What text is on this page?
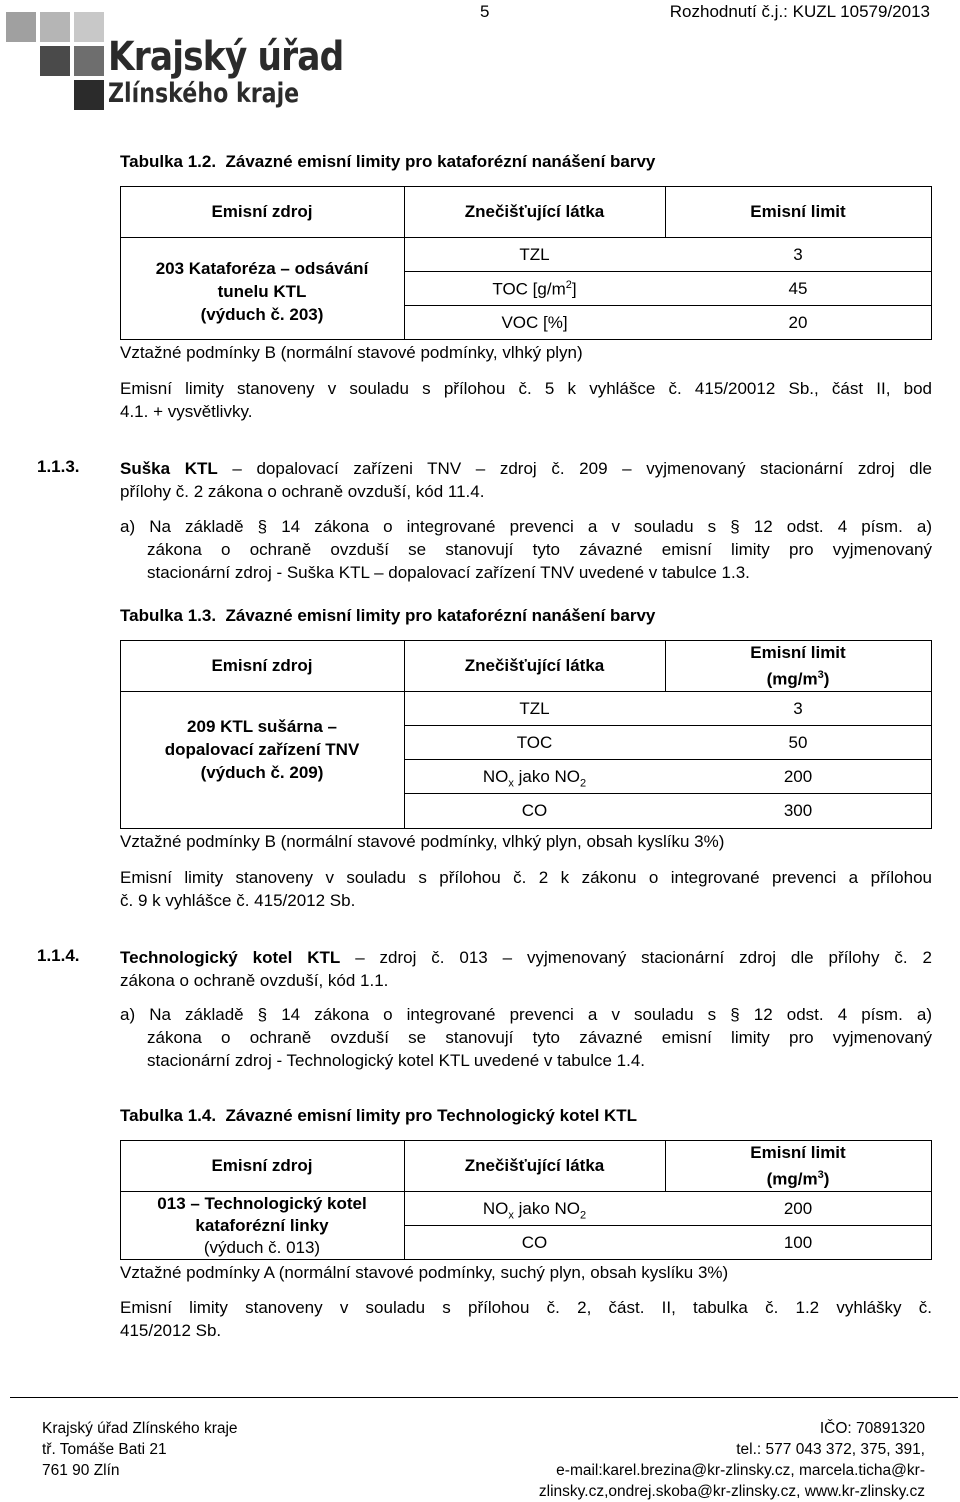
Krajský úřad
Zlínského kraje
5	Rozhodnutí č.j.: KUZL 10579/2013
Tabulka 1.2.  Závazné emisní limity pro kataforézní nanášení barvy
Emisní zdroj	Znečišťující látka	Emisní limit
203 Kataforéza – odsávání
tunelu KTL
(výduch č. 203)
TZL	3
TOC $[g/m^2]$	45
VOC [%]	20
Vztažné podmínky B (normální stavové podmínky, vlhký plyn)
Emisní limity stanoveny v souladu s přílohou č. 5 k vyhlášce č. 415/20012 Sb., část II, bod
4.1. + vysvětlivky.
1.1.3. Suška KTL – dopalovací zařízeni TNV – zdroj č. 209 – vyjmenovaný stacionární zdroj dle
přílohy č. 2 zákona o ochraně ovzduší, kód 11.4.
a) Na základě § 14 zákona o integrované prevenci a v souladu s § 12 odst. 4 písm. a)
zákona o ochraně ovzduší se stanovují tyto závazné emisní limity pro vyjmenovaný
stacionární zdroj - Suška KTL – dopalovací zařízení TNV uvedené v tabulce 1.3.
Tabulka 1.3.  Závazné emisní limity pro kataforézní nanášení barvy
Emisní zdroj	Znečišťující látka
Emisní limit
$(mg/m^3)$
209 KTL sušárna –
dopalovací zařízení TNV
(výduch č. 209)
TZL	3
TOC	50
$NO_x$ jako $NO_2$	200
CO	300
Vztažné podmínky B (normální stavové podmínky, vlhký plyn, obsah kyslíku 3%)
Emisní limity stanoveny v souladu s přílohou č. 2 k zákonu o integrované prevenci a přílohou
č. 9 k vyhlášce č. 415/2012 Sb.
1.1.4. Technologický kotel KTL – zdroj č. 013 – vyjmenovaný stacionární zdroj dle přílohy č. 2
zákona o ochraně ovzduší, kód 1.1.
a) Na základě § 14 zákona o integrované prevenci a v souladu s § 12 odst. 4 písm. a)
zákona o ochraně ovzduší se stanovují tyto závazné emisní limity pro vyjmenovaný
stacionární zdroj - Technologický kotel KTL uvedené v tabulce 1.4.
Tabulka 1.4.  Závazné emisní limity pro Technologický kotel KTL
Emisní zdroj	Znečišťující látka
Emisní limit
$(mg/m^3)$
013 – Technologický kotel
kataforézní linky
(výduch č. 013)
$NO_x$ jako $NO_2$	200
CO	100
Vztažné podmínky A (normální stavové podmínky, suchý plyn, obsah kyslíku 3%)
Emisní limity stanoveny v souladu s přílohou č. 2, část. II, tabulka č. 1.2 vyhlášky č.
415/2012 Sb.
Krajský úřad Zlínského kraje
tř. Tomáše Bati 21
761 90 Zlín
IČO: 70891320
tel.: 577 043 372, 375, 391,
e-mail:karel.brezina@kr-zlinsky.cz, marcela.ticha@kr-
zlinsky.cz,ondrej.skoba@kr-zlinsky.cz, www.kr-zlinsky.cz
